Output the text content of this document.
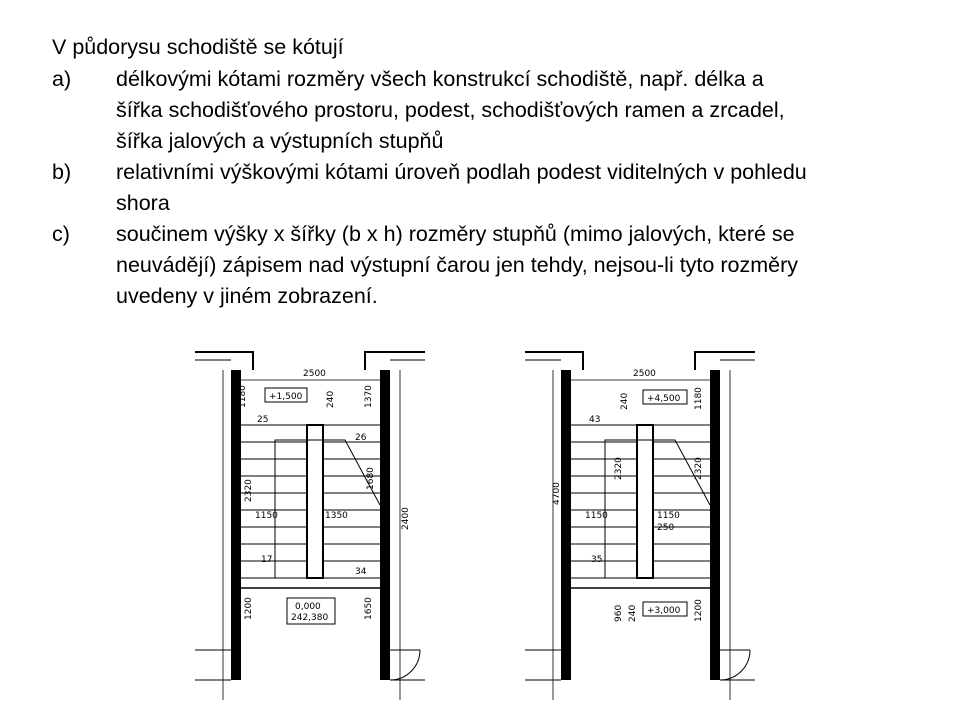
V půdorysu schodiště se kótují
a)	délkovými kótami rozměry všech konstrukcí schodiště, např. délka a
šířka schodišťového prostoru, podest, schodišťových ramen a zrcadel,
šířka jalových a výstupních stupňů
b)	relativními výškovými kótami úroveň podlah podest viditelných v pohledu
shora
c)	součinem výšky x šířky (b x h) rozměry stupňů (mimo jalových, které se
neuvádějí) zápisem nad výstupní čarou jen tehdy, nejsou-li tyto rozměry
uvedeny v jiném zobrazení.
2500
1180 +1,500	240	1370
25
26
1680
2320
1150	1350	2400
17
34
1200	0,000
242,380	1650
2500
240 +4,500 1180
43
4700
2320	2320
1150	1150
250
35
960 240 +3,000 1200
